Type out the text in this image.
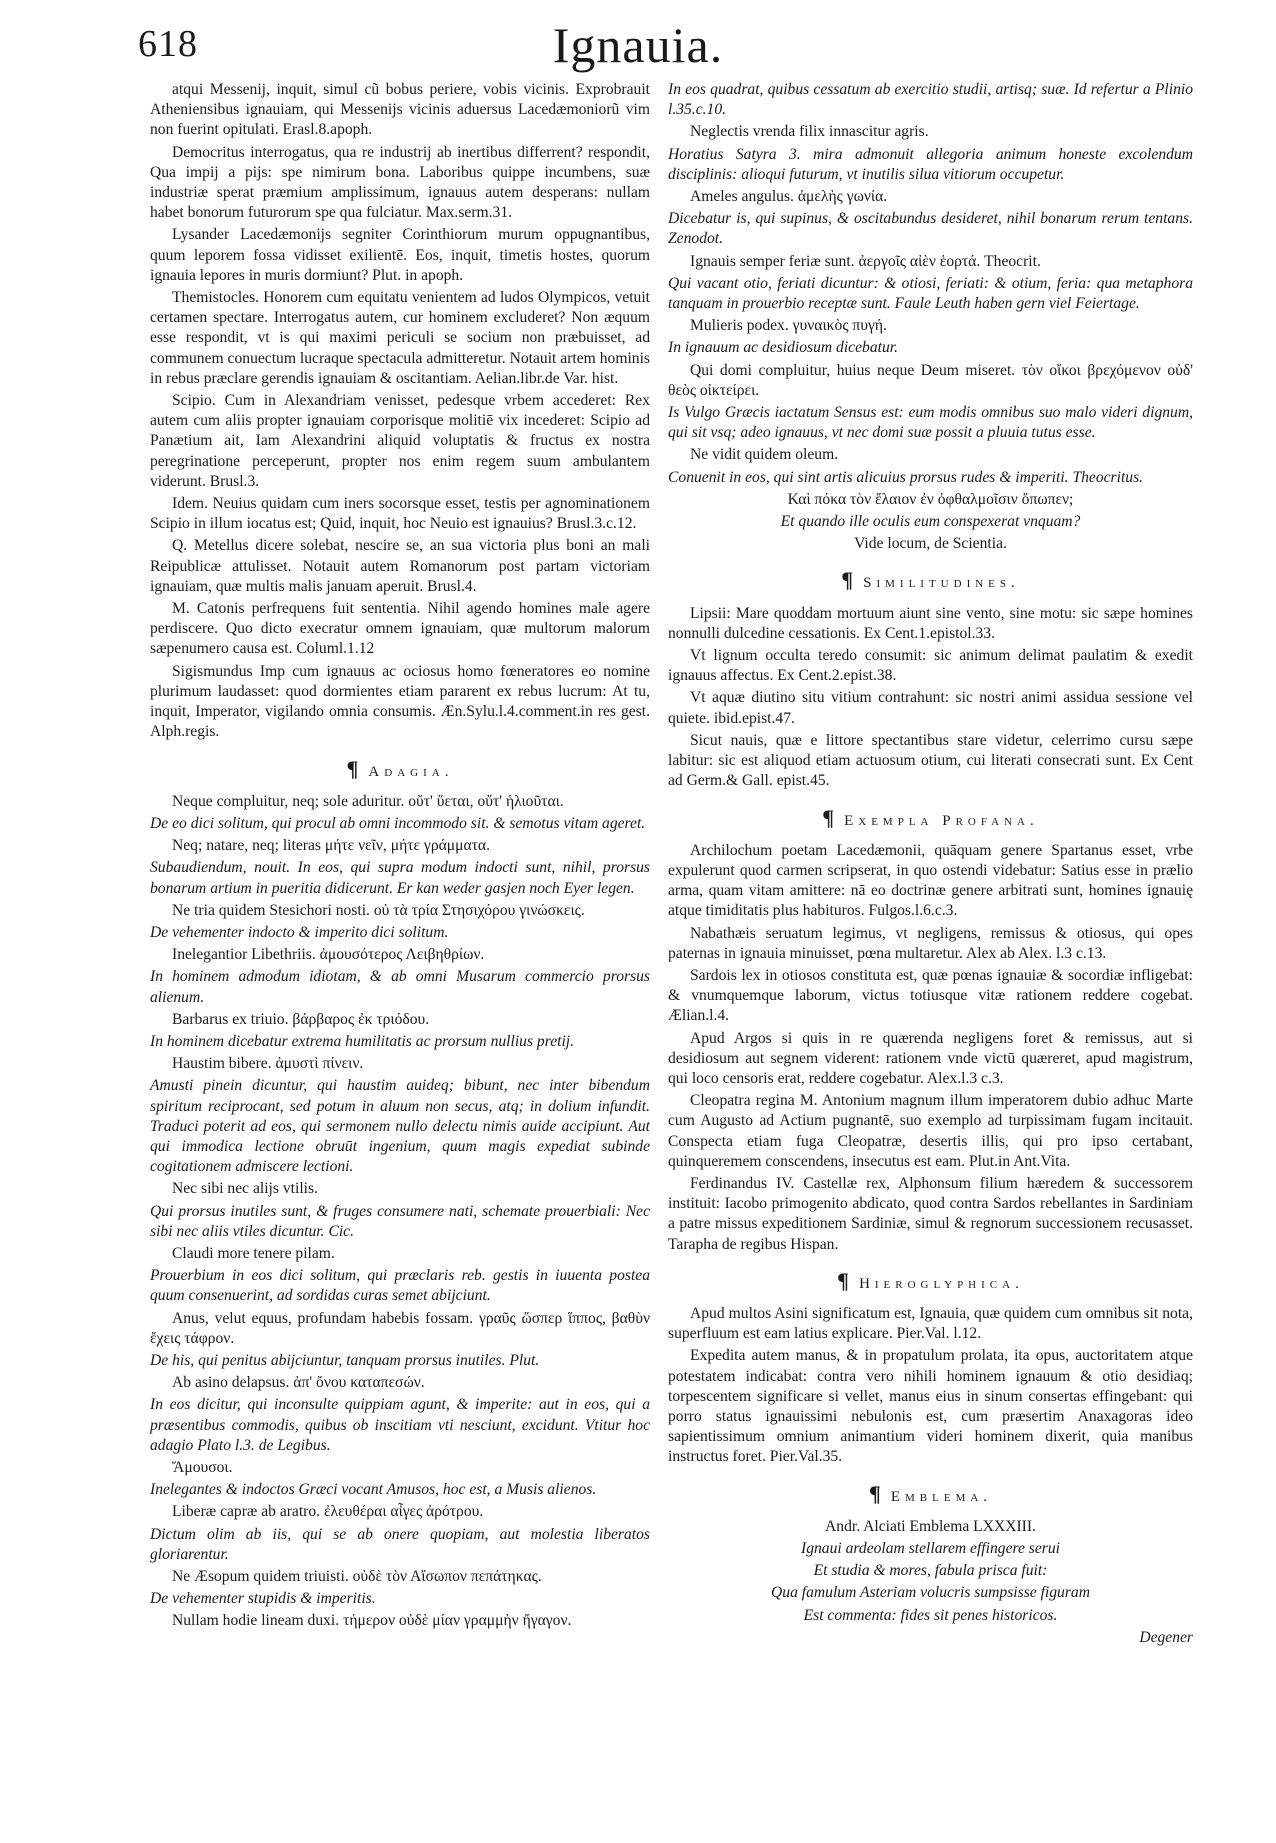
618	Ignauia.

atqui Messenij, inquit, simul cũ bobus periere, vobis vicinis. Exprobrauit Atheniensibus ignauiam, qui Messenijs vicinis aduersus Lacedæmoniorũ vim non fuerint opitulati. Erasl.8.apoph.

Democritus interrogatus, qua re industrij ab inertibus differrent? respondit, Qua impij a pijs: spe nimirum bona. Laboribus quippe incumbens, suæ industriæ sperat præmium amplissimum, ignauus autem desperans: nullam habet bonorum futurorum spe qua fulciatur. Max.serm.31.

Lysander Lacedæmonijs segniter Corinthiorum murum oppugnantibus, quum leporem fossa vidisset exilientē. Eos, inquit, timetis hostes, quorum ignauia lepores in muris dormiunt? Plut. in apoph.

Themistocles. Honorem cum equitatu venientem ad ludos Olympicos, vetuit certamen spectare. Interrogatus autem, cur hominem excluderet? Non æquum esse respondit, vt is qui maximi periculi se socium non præbuisset, ad communem conuectum lucraque spectacula admitteretur. Notauit artem hominis in rebus præclare gerendis ignauiam & oscitantiam. Aelian.libr.de Var. hist.

Scipio. Cum in Alexandriam venisset, pedesque vrbem accederet: Rex autem cum aliis propter ignauiam corporisque molitiē vix incederet: Scipio ad Panætium ait, Iam Alexandrini aliquid voluptatis & fructus ex nostra peregrinatione perceperunt, propter nos enim regem suum ambulantem viderunt. Brusl.3.

Idem. Neuius quidam cum iners socorsque esset, testis per agnominationem Scipio in illum iocatus est; Quid, inquit, hoc Neuio est ignauius? Brusl.3.c.12.

Q. Metellus dicere solebat, nescire se, an sua victoria plus boni an mali Reipublicæ attulisset. Notauit autem Romanorum post partam victoriam ignauiam, quæ multis malis januam aperuit. Brusl.4.

M. Catonis perfrequens fuit sententia. Nihil agendo homines male agere perdiscere. Quo dicto execratur omnem ignauiam, quæ multorum malorum sæpenumero causa est. Columl.1.12

Sigismundus Imp cum ignauus ac ociosus homo fœneratores eo nomine plurimum laudasset: quod dormientes etiam pararent ex rebus lucrum: At tu, inquit, Imperator, vigilando omnia consumis. Æn.Sylu.l.4.comment.in res gest. Alph.regis.

¶ Adagia.

Neque compluitur, neq; sole aduritur. οὔτ' ὕεται, οὔτ' ἡλιοῦται.

De eo dici solitum, qui procul ab omni incommodo sit. & semotus vitam ageret.

Neq; natare, neq; literas μήτε νεῖν, μήτε γράμματα.

Subaudiendum, nouit. In eos, qui supra modum indocti sunt, nihil, prorsus bonarum artium in pueritia didicerunt. Er kan weder gasjen noch Eyer legen.

Ne tria quidem Stesichori nosti. οὐ τὰ τρία Στησιχόρου γινώσκεις.

De vehementer indocto & imperito dici solitum.

Inelegantior Libethriis. ἀμουσότερος Λειβηθρίων.

In hominem admodum idiotam, & ab omni Musarum commercio prorsus alienum.

Barbarus ex triuio. βάρβαρος ἐκ τριόδου.

In hominem dicebatur extrema humilitatis ac prorsum nullius pretij.

Haustim bibere. ἀμυστὶ πίνειν.

Amusti pinein dicuntur, qui haustim auideq; bibunt, nec inter bibendum spiritum reciprocant, sed potum in aluum non secus, atq; in dolium infundit. Traduci poterit ad eos, qui sermonem nullo delectu nimis auide accipiunt. Aut qui immodica lectione obruūt ingenium, quum magis expediat subinde cogitationem admiscere lectioni.

Nec sibi nec alijs vtilis.

Qui prorsus inutiles sunt, & fruges consumere nati, schemate prouerbiali: Nec sibi nec aliis vtiles dicuntur. Cic.

Claudi more tenere pilam.

Prouerbium in eos dici solitum, qui præclaris reb. gestis in iuuenta postea quum consenuerint, ad sordidas curas semet abijciunt.

Anus, velut equus, profundam habebis fossam. γραῦς ὥσπερ ἵππος, βαθὺν ἔχεις τάφρον.

De his, qui penitus abijciuntur, tanquam prorsus inutiles. Plut.

Ab asino delapsus. ἀπ' ὄνου καταπεσών.

In eos dicitur, qui inconsulte quippiam agunt, & imperite: aut in eos, qui a præsentibus commodis, quibus ob inscitiam vti nesciunt, excidunt. Vtitur hoc adagio Plato l.3. de Legibus.

Ἄμουσοι.

Inelegantes & indoctos Græci vocant Amusos, hoc est, a Musis alienos.

Liberæ capræ ab aratro. ἐλευθέραι αἶγες ἀρότρου.

Dictum olim ab iis, qui se ab onere quopiam, aut molestia liberatos gloriarentur.

Ne Æsopum quidem triuisti. οὐδὲ τὸν Αἴσωπον πεπάτηκας.

De vehementer stupidis & imperitis.

Nullam hodie lineam duxi. τήμερον οὐδὲ μίαν γραμμὴν ἤγαγον.

In eos quadrat, quibus cessatum ab exercitio studii, artisq; suæ. Id refertur a Plinio l.35.c.10.

Neglectis vrenda filix innascitur agris.

Horatius Satyra 3. mira admonuit allegoria animum honeste excolendum disciplinis: alioqui futurum, vt inutilis silua vitiorum occupetur.

Ameles angulus. ἀμελὴς γωνία.

Dicebatur is, qui supinus, & oscitabundus desideret, nihil bonarum rerum tentans. Zenodot.

Ignauis semper feriæ sunt. ἀεργοῖς αἰὲν ἑορτά. Theocrit.

Qui vacant otio, feriati dicuntur: & otiosi, feriati: & otium, feria: qua metaphora tanquam in prouerbio receptæ sunt. Faule Leuth haben gern viel Feiertage.

Mulieris podex. γυναικὸς πυγή.

In ignauum ac desidiosum dicebatur.

Qui domi compluitur, huius neque Deum miseret. τὸν οἴκοι βρεχόμενον οὐδ' θεὸς οἰκτείρει.

Is Vulgo Græcis iactatum Sensus est: eum modis omnibus suo malo videri dignum, qui sit vsq; adeo ignauus, vt nec domi suæ possit a pluuia tutus esse.

Ne vidit quidem oleum.

Conuenit in eos, qui sint artis alicuius prorsus rudes & imperiti. Theocritus.

Καὶ πόκα τὸν ἔλαιον ἐν ὀφθαλμοῖσιν ὄπωπεν;

Et quando ille oculis eum conspexerat vnquam?

Vide locum, de Scientia.

¶ Similitudines.

Lipsii: Mare quoddam mortuum aiunt sine vento, sine motu: sic sæpe homines nonnulli dulcedine cessationis. Ex Cent.1.epistol.33.

Vt lignum occulta teredo consumit: sic animum delimat paulatim & exedit ignauus affectus. Ex Cent.2.epist.38.

Vt aquæ diutino situ vitium contrahunt: sic nostri animi assidua sessione vel quiete. ibid.epist.47.

Sicut nauis, quæ e littore spectantibus stare videtur, celerrimo cursu sæpe labitur: sic est aliquod etiam actuosum otium, cui literati consecrati sunt. Ex Cent ad Germ.& Gall. epist.45.

¶ Exempla Profana.

Archilochum poetam Lacedæmonii, quāquam genere Spartanus esset, vrbe expulerunt quod carmen scripserat, in quo ostendi videbatur: Satius esse in prælio arma, quam vitam amittere: nā eo doctrinæ genere arbitrati sunt, homines ignauię atque timiditatis plus habituros. Fulgos.l.6.c.3.

Nabathæis seruatum legimus, vt negligens, remissus & otiosus, qui opes paternas in ignauia minuisset, pœna multaretur. Alex ab Alex. l.3 c.13.

Sardois lex in otiosos constituta est, quæ pœnas ignauiæ & socordiæ infligebat: & vnumquemque laborum, victus totiusque vitæ rationem reddere cogebat. Ælian.l.4.

Apud Argos si quis in re quærenda negligens foret & remissus, aut si desidiosum aut segnem viderent: rationem vnde victū quæreret, apud magistrum, qui loco censoris erat, reddere cogebatur. Alex.l.3 c.3.

Cleopatra regina M. Antonium magnum illum imperatorem dubio adhuc Marte cum Augusto ad Actium pugnantē, suo exemplo ad turpissimam fugam incitauit. Conspecta etiam fuga Cleopatræ, desertis illis, qui pro ipso certabant, quinqueremem conscendens, insecutus est eam. Plut.in Ant.Vita.

Ferdinandus IV. Castellæ rex, Alphonsum filium hæredem & successorem instituit: Iacobo primogenito abdicato, quod contra Sardos rebellantes in Sardiniam a patre missus expeditionem Sardiniæ, simul & regnorum successionem recusasset. Tarapha de regibus Hispan.

¶ Hieroglyphica.

Apud multos Asini significatum est, Ignauia, quæ quidem cum omnibus sit nota, superfluum est eam latius explicare. Pier.Val. l.12.

Expedita autem manus, & in propatulum prolata, ita opus, auctoritatem atque potestatem indicabat: contra vero nihili hominem ignauum & otio desidiaq; torpescentem significare si vellet, manus eius in sinum consertas effingebant: qui porro status ignauissimi nebulonis est, cum præsertim Anaxagoras ideo sapientissimum omnium animantium videri hominem dixerit, quia manibus instructus foret. Pier.Val.35.

¶ Emblema.

Andr. Alciati Emblema LXXXIII.

Ignaui ardeolam stellarem effingere serui

Et studia & mores, fabula prisca fuit:

Qua famulum Asteriam volucris sumpsisse figuram

Est commenta: fides sit penes historicos.

Degener
